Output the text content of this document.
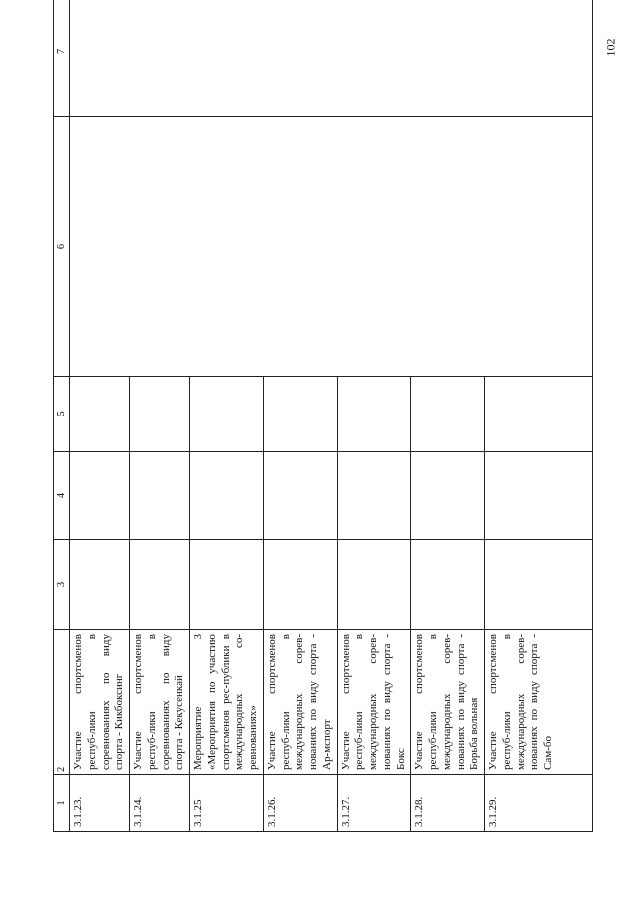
102
1	2	3	4	5	6	7
3.1.23.	Участие спортсменов респуб-лики в соревнованиях по виду спорта - Кикбоксинг					
3.1.24.	Участие спортсменов респуб-лики в соревнованиях по виду спорта - Кекусенкай					
3.1.25	Мероприятие 3 «Мероприятия по участию спортсменов рес-публики в международных со-ревнованиях»					
3.1.26.	Участие спортсменов респуб-лики в международных сорев-нованиях по виду спорта - Ар-мспорт					
3.1.27.	Участие спортсменов респуб-лики в международных сорев-нованиях по виду спорта - Бокс					
3.1.28.	Участие спортсменов респуб-лики в международных сорев-нованиях по виду спорта - Борьба вольная					
3.1.29.	Участие спортсменов респуб-лики в международных сорев-нованиях по виду спорта - Сам-бо					
